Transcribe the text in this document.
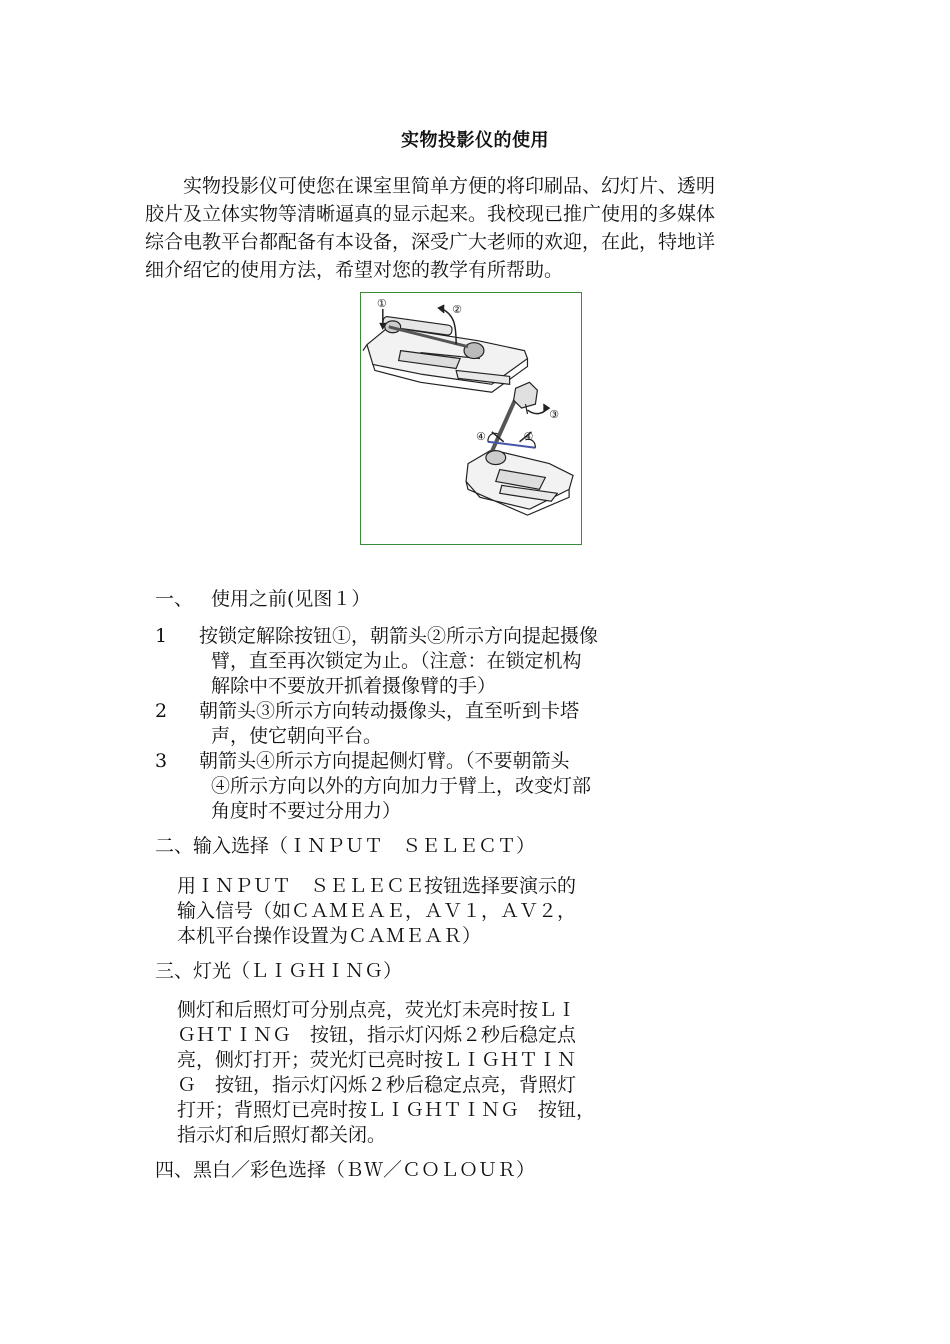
实物投影仪的使用
实物投影仪可使您在课室里简单方便的将印刷品、幻灯片、透明
胶片及立体实物等清晰逼真的显示起来。我校现已推广使用的多媒体
综合电教平台都配备有本设备，深受广大老师的欢迎，在此，特地详
细介绍它的使用方法，希望对您的教学有所帮助。
①	②
③
④	④
一、 使用之前(见图１）
1 按锁定解除按钮①，朝箭头②所示方向提起摄像
臂，直至再次锁定为止。（注意：在锁定机构
解除中不要放开抓着摄像臂的手）
2 朝箭头③所示方向转动摄像头，直至听到卡塔
声，使它朝向平台。
3 朝箭头④所示方向提起侧灯臂。（不要朝箭头
④所示方向以外的方向加力于臂上，改变灯部
角度时不要过分用力）
二、输入选择（ＩＮＰＵＴ　ＳＥＬＥＣＴ）
用ＩＮＰＵＴ　ＳＥＬＥＣＥ按钮选择要演示的
输入信号（如ＣＡＭＥＡＥ，ＡＶ１，ＡＶ２，
本机平台操作设置为ＣＡＭＥＡＲ）
三、灯光（ＬＩＧＨＩＮＧ）
侧灯和后照灯可分别点亮，荧光灯未亮时按ＬＩ
ＧＨＴＩＮＧ　按钮，指示灯闪烁２秒后稳定点
亮，侧灯打开；荧光灯已亮时按ＬＩＧＨＴＩＮ
Ｇ　按钮，指示灯闪烁２秒后稳定点亮，背照灯
打开；背照灯已亮时按ＬＩＧＨＴＩＮＧ　按钮，
指示灯和后照灯都关闭。
四、黑白／彩色选择（ＢＷ／ＣＯＬＯＵＲ）
